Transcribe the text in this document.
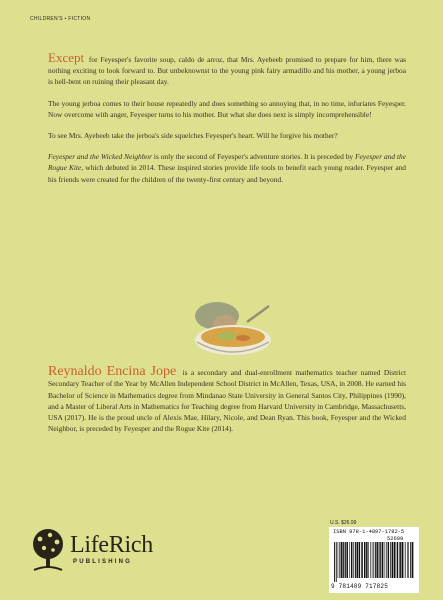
CHILDREN'S • FICTION

Except for Feyesper's favorite soup, caldo de arroz, that Mrs. Ayebeeb promised to prepare for him, there was nothing exciting to look forward to. But unbeknownst to the young pink fairy armadillo and his mother, a young jerboa is hell-bent on ruining their pleasant day.

The young jerboa comes to their house repeatedly and does something so annoying that, in no time, infuriates Feyesper. Now overcome with anger, Feyesper turns to his mother. But what she does next is simply incomprehensible!

To see Mrs. Ayebeeb take the jerboa's side squelches Feyesper's heart. Will he forgive his mother?

Feyesper and the Wicked Neighbor is only the second of Feyesper's adventure stories. It is preceded by Feyesper and the Rogue Kite, which debuted in 2014. These inspired stories provide life tools to benefit each young reader. Feyesper and his friends were created for the children of the twenty-first century and beyond.

Reynaldo Encina Jope is a secondary and dual-enrollment mathematics teacher named District Secondary Teacher of the Year by McAllen Independent School District in McAllen, Texas, USA, in 2008. He earned his Bachelor of Science in Mathematics degree from Mindanao State University in General Santos City, Philippines (1990), and a Master of Liberal Arts in Mathematics for Teaching degree from Harvard University in Cambridge, Massachusetts, USA (2017). He is the proud uncle of Alexis Mae, Hilary, Nicole, and Dean Ryan. This book, Feyesper and the Wicked Neighbor, is preceded by Feyesper and the Rogue Kite (2014).
LifeRich
PUBLISHING
U.S. $26.99
ISBN 978-1-4897-1782-5
52699
9 781489 717825
